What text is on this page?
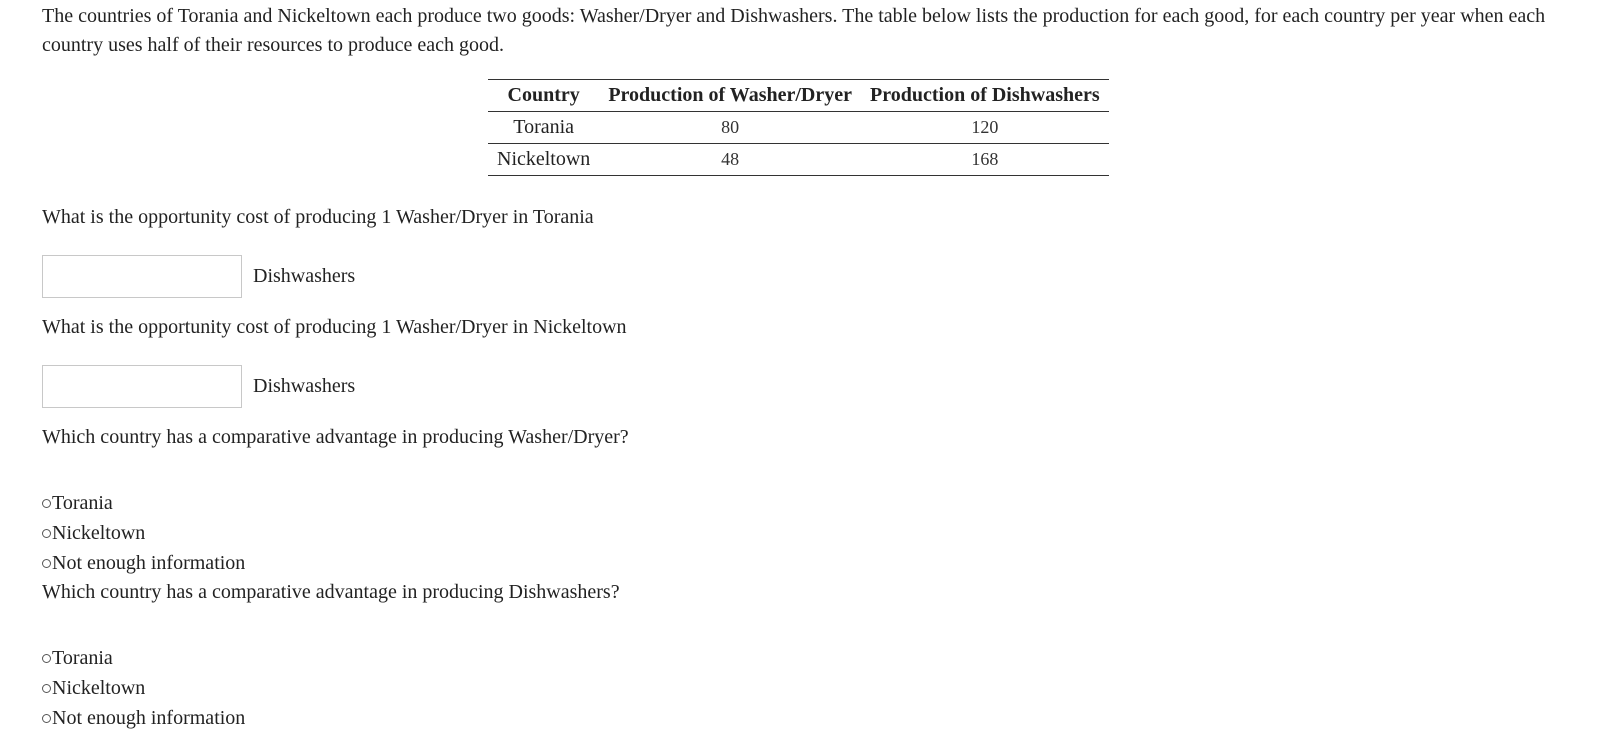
The countries of Torania and Nickeltown each produce two goods: Washer/Dryer and Dishwashers. The table below lists the production for each good, for each country per year when each country uses half of their resources to produce each good.

Country	Production of Washer/Dryer	Production of Dishwashers
Torania	80	120
Nickeltown	48	168

What is the opportunity cost of producing 1 Washer/Dryer in Torania

Dishwashers

What is the opportunity cost of producing 1 Washer/Dryer in Nickeltown

Dishwashers

Which country has a comparative advantage in producing Washer/Dryer?

Torania
Nickeltown
Not enough information

Which country has a comparative advantage in producing Dishwashers?

Torania
Nickeltown
Not enough information
